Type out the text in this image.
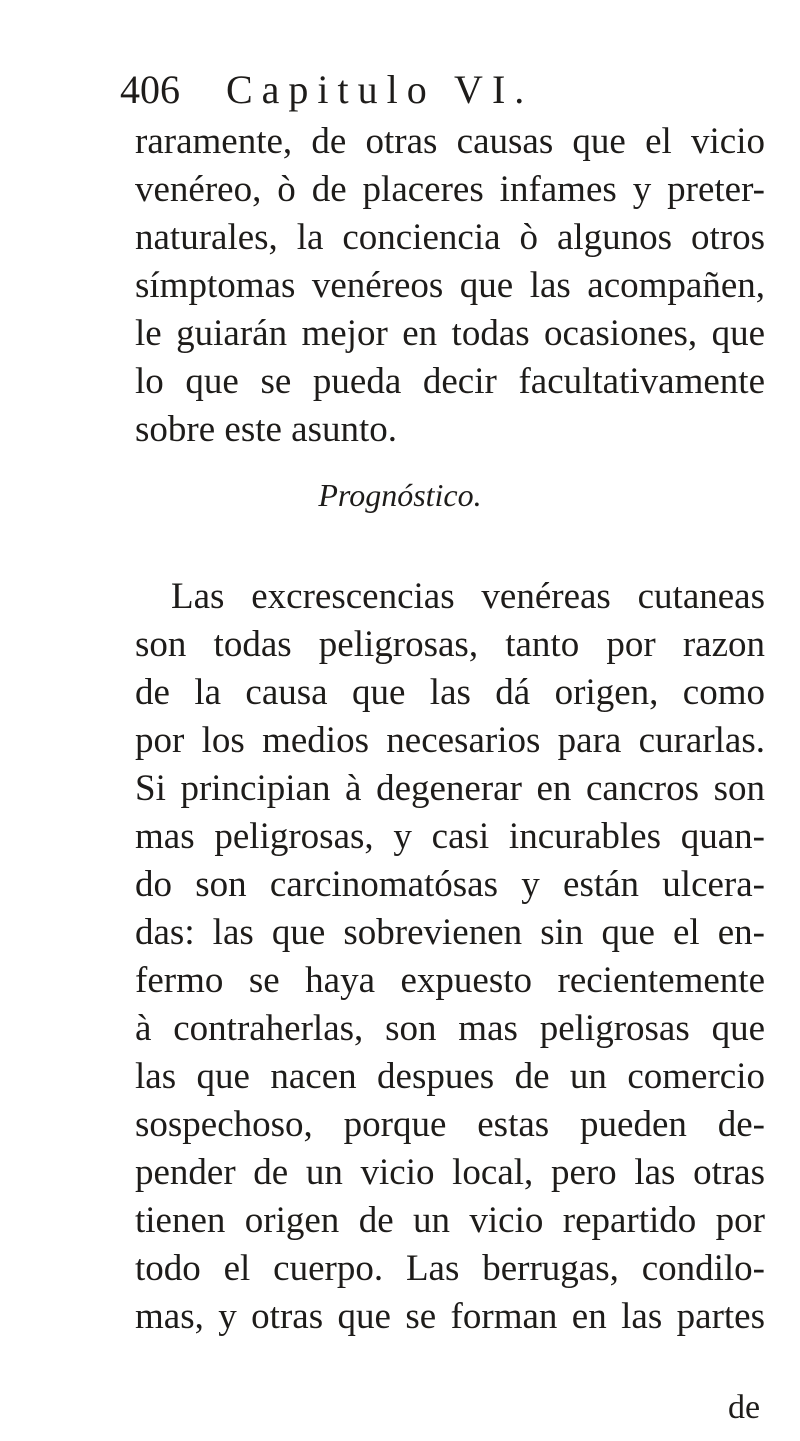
406 Capitulo VI.
raramente, de otras causas que el vicio
venéreo, ò de placeres infames y preter-
naturales, la conciencia ò algunos otros
símptomas venéreos que las acompañen,
le guiarán mejor en todas ocasiones, que
lo que se pueda decir facultativamente
sobre este asunto.
Prognóstico.
Las excrescencias venéreas cutaneas
son todas peligrosas, tanto por razon
de la causa que las dá origen, como
por los medios necesarios para curarlas.
Si principian à degenerar en cancros son
mas peligrosas, y casi incurables quan-
do son carcinomatósas y están ulcera-
das: las que sobrevienen sin que el en-
fermo se haya expuesto recientemente
à contraherlas, son mas peligrosas que
las que nacen despues de un comercio
sospechoso, porque estas pueden de-
pender de un vicio local, pero las otras
tienen origen de un vicio repartido por
todo el cuerpo. Las berrugas, condilo-
mas, y otras que se forman en las partes
de
